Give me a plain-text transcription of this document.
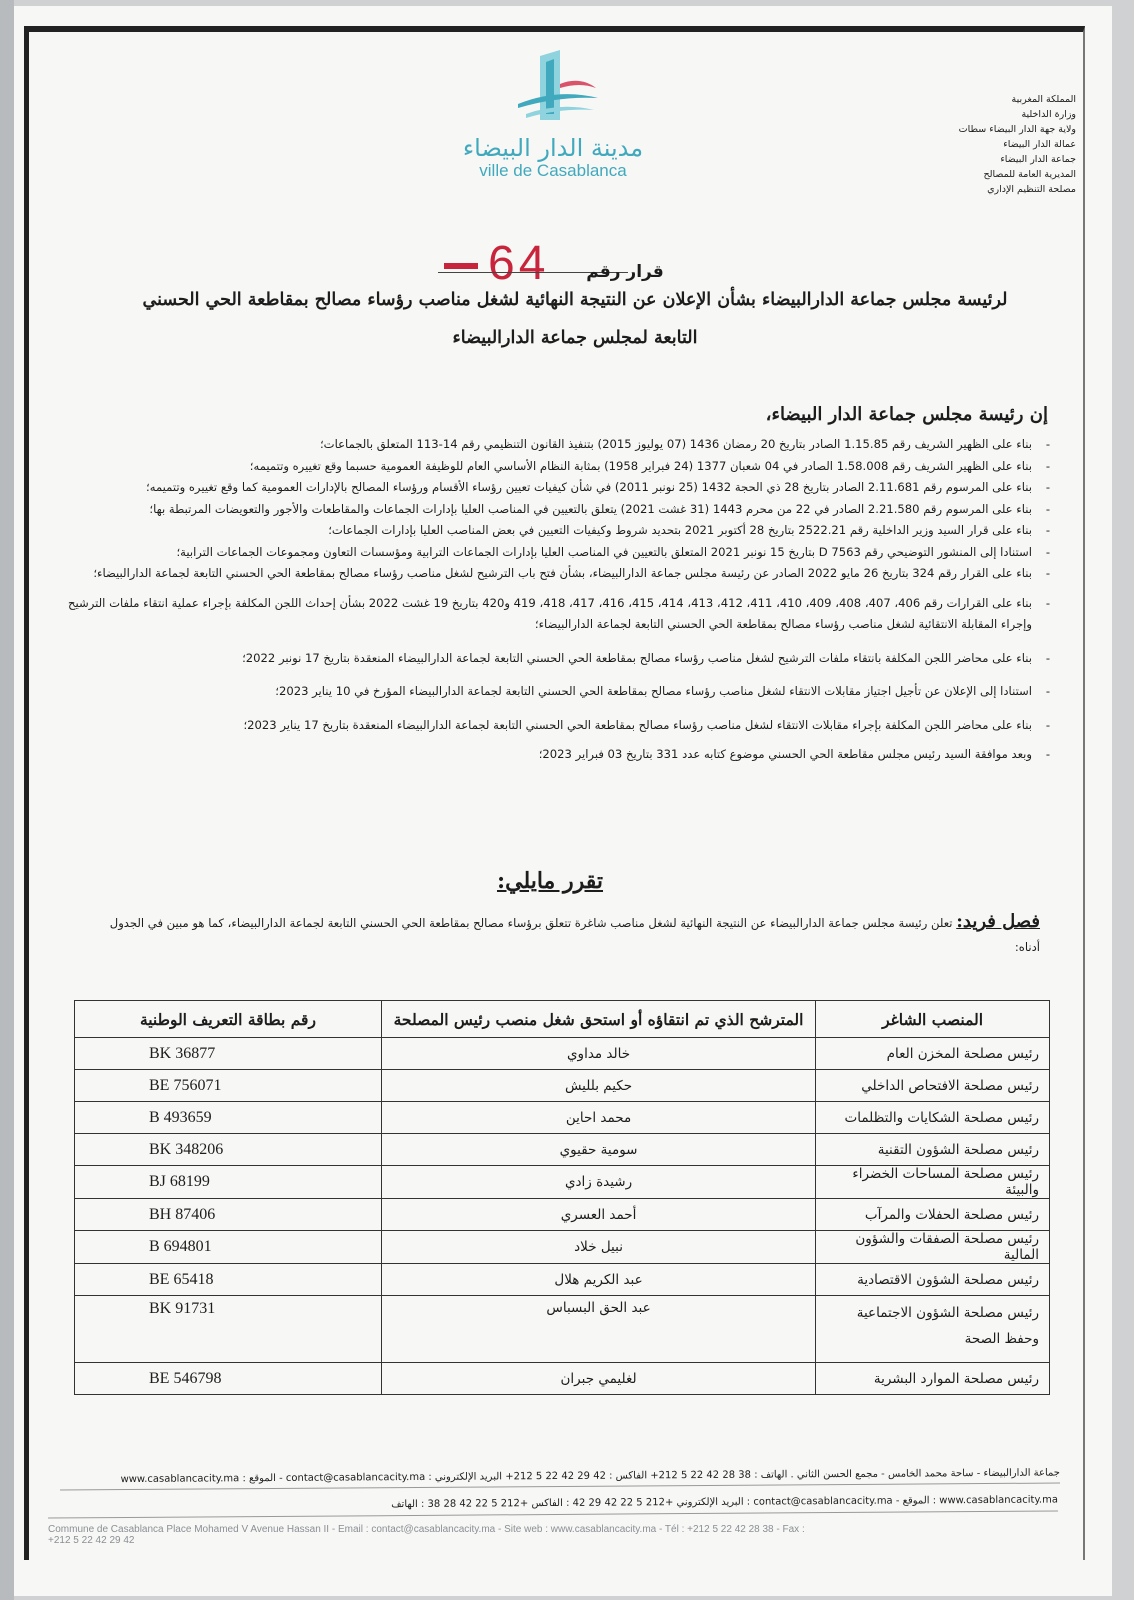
مدينة الدار البيضاء
ville de Casablanca
المملكة المغربية
وزارة الداخلية
ولاية جهة الدار البيضاء سطات
عمالة الدار البيضاء
جماعة الدار البيضاء
المديرية العامة للمصالح
مصلحة التنظيم الإداري
64	قرار رقم
لرئيسة مجلس جماعة الدارالبيضاء بشأن الإعلان عن النتيجة النهائية لشغل مناصب رؤساء مصالح بمقاطعة الحي الحسني
التابعة لمجلس جماعة الدارالبيضاء
إن رئيسة مجلس جماعة الدار البيضاء،
- بناء على الظهير الشريف رقم 1.15.85 الصادر بتاريخ 20 رمضان 1436 (07 يوليوز 2015) بتنفيذ القانون التنظيمي رقم 14-113 المتعلق بالجماعات؛
- بناء على الظهير الشريف رقم 1.58.008 الصادر في 04 شعبان 1377 (24 فبراير 1958) بمثابة النظام الأساسي العام للوظيفة العمومية حسبما وقع تغييره وتتميمه؛
- بناء على المرسوم رقم 2.11.681 الصادر بتاريخ 28 ذي الحجة 1432 (25 نونبر 2011) في شأن كيفيات تعيين رؤساء الأقسام ورؤساء المصالح بالإدارات العمومية كما وقع تغييره وتتميمه؛
- بناء على المرسوم رقم 2.21.580 الصادر في 22 من محرم 1443 (31 غشت 2021) يتعلق بالتعيين في المناصب العليا بإدارات الجماعات والمقاطعات والأجور والتعويضات المرتبطة بها؛
- بناء على قرار السيد وزير الداخلية رقم 2522.21 بتاريخ 28 أكتوبر 2021 بتحديد شروط وكيفيات التعيين في بعض المناصب العليا بإدارات الجماعات؛
- استنادا إلى المنشور التوضيحي رقم D 7563 بتاريخ 15 نونبر 2021 المتعلق بالتعيين في المناصب العليا بإدارات الجماعات الترابية ومؤسسات التعاون ومجموعات الجماعات الترابية؛
- بناء على القرار رقم 324 بتاريخ 26 مايو 2022 الصادر عن رئيسة مجلس جماعة الدارالبيضاء، بشأن فتح باب الترشيح لشغل مناصب رؤساء مصالح بمقاطعة الحي الحسني التابعة لجماعة الدارالبيضاء؛
- بناء على القرارات رقم 406، 407، 408، 409، 410، 411، 412، 413، 414، 415، 416، 417، 418، 419 و420 بتاريخ 19 غشت 2022 بشأن إحداث اللجن المكلفة بإجراء عملية انتقاء ملفات الترشيح وإجراء المقابلة الانتقائية لشغل مناصب رؤساء مصالح بمقاطعة الحي الحسني التابعة لجماعة الدارالبيضاء؛
- بناء على محاضر اللجن المكلفة بانتقاء ملفات الترشيح لشغل مناصب رؤساء مصالح بمقاطعة الحي الحسني التابعة لجماعة الدارالبيضاء المنعقدة بتاريخ 17 نونبر 2022؛
- استنادا إلى الإعلان عن تأجيل اجتياز مقابلات الانتقاء لشغل مناصب رؤساء مصالح بمقاطعة الحي الحسني التابعة لجماعة الدارالبيضاء المؤرخ في 10 يناير 2023؛
- بناء على محاضر اللجن المكلفة بإجراء مقابلات الانتقاء لشغل مناصب رؤساء مصالح بمقاطعة الحي الحسني التابعة لجماعة الدارالبيضاء المنعقدة بتاريخ 17 يناير 2023؛
- وبعد موافقة السيد رئيس مجلس مقاطعة الحي الحسني موضوع كتابه عدد 331 بتاريخ 03 فبراير 2023؛
تقرر مايلي:
فصل فريد: تعلن رئيسة مجلس جماعة الدارالبيضاء عن النتيجة النهائية لشغل مناصب شاغرة تتعلق برؤساء مصالح بمقاطعة الحي الحسني التابعة لجماعة الدارالبيضاء، كما هو مبين في الجدول أدناه:
المنصب الشاغر	المترشح الذي تم انتقاؤه أو استحق شغل منصب رئيس المصلحة	رقم بطاقة التعريف الوطنية
رئيس مصلحة المخزن العام	خالد مداوي	BK 36877
رئيس مصلحة الافتحاص الداخلي	حكيم بلليش	BE 756071
رئيس مصلحة الشكايات والتظلمات	محمد احاين	B 493659
رئيس مصلحة الشؤون التقنية	سومية حقيوي	BK 348206
رئيس مصلحة المساحات الخضراء والبيئة	رشيدة زادي	BJ 68199
رئيس مصلحة الحفلات والمرآب	أحمد العسري	BH 87406
رئيس مصلحة الصفقات والشؤون المالية	نبيل خلاد	B 694801
رئيس مصلحة الشؤون الاقتصادية	عبد الكريم هلال	BE 65418
رئيس مصلحة الشؤون الاجتماعية وحفظ الصحة	عبد الحق البسباس	BK 91731
رئيس مصلحة الموارد البشرية	لغليمي جبران	BE 546798
جماعة الدارالبيضاء - ساحة محمد الخامس - مجمع الحسن الثاني . الهاتف : 38 28 42 22 5 212+ الفاكس : 42 29 42 22 5 212+ البريد الإلكتروني : contact@casablancacity.ma - الموقع : www.casablancacity.ma
www.casablancacity.ma : الموقع - contact@casablancacity.ma : البريد الإلكتروني +212 5 22 42 29 42 : الفاكس +212 5 22 42 28 38 : الهاتف
Commune de Casablanca Place Mohamed V Avenue Hassan II - Email : contact@casablancacity.ma - Site web : www.casablancacity.ma - Tél : +212 5 22 42 28 38 - Fax : +212 5 22 42 29 42
